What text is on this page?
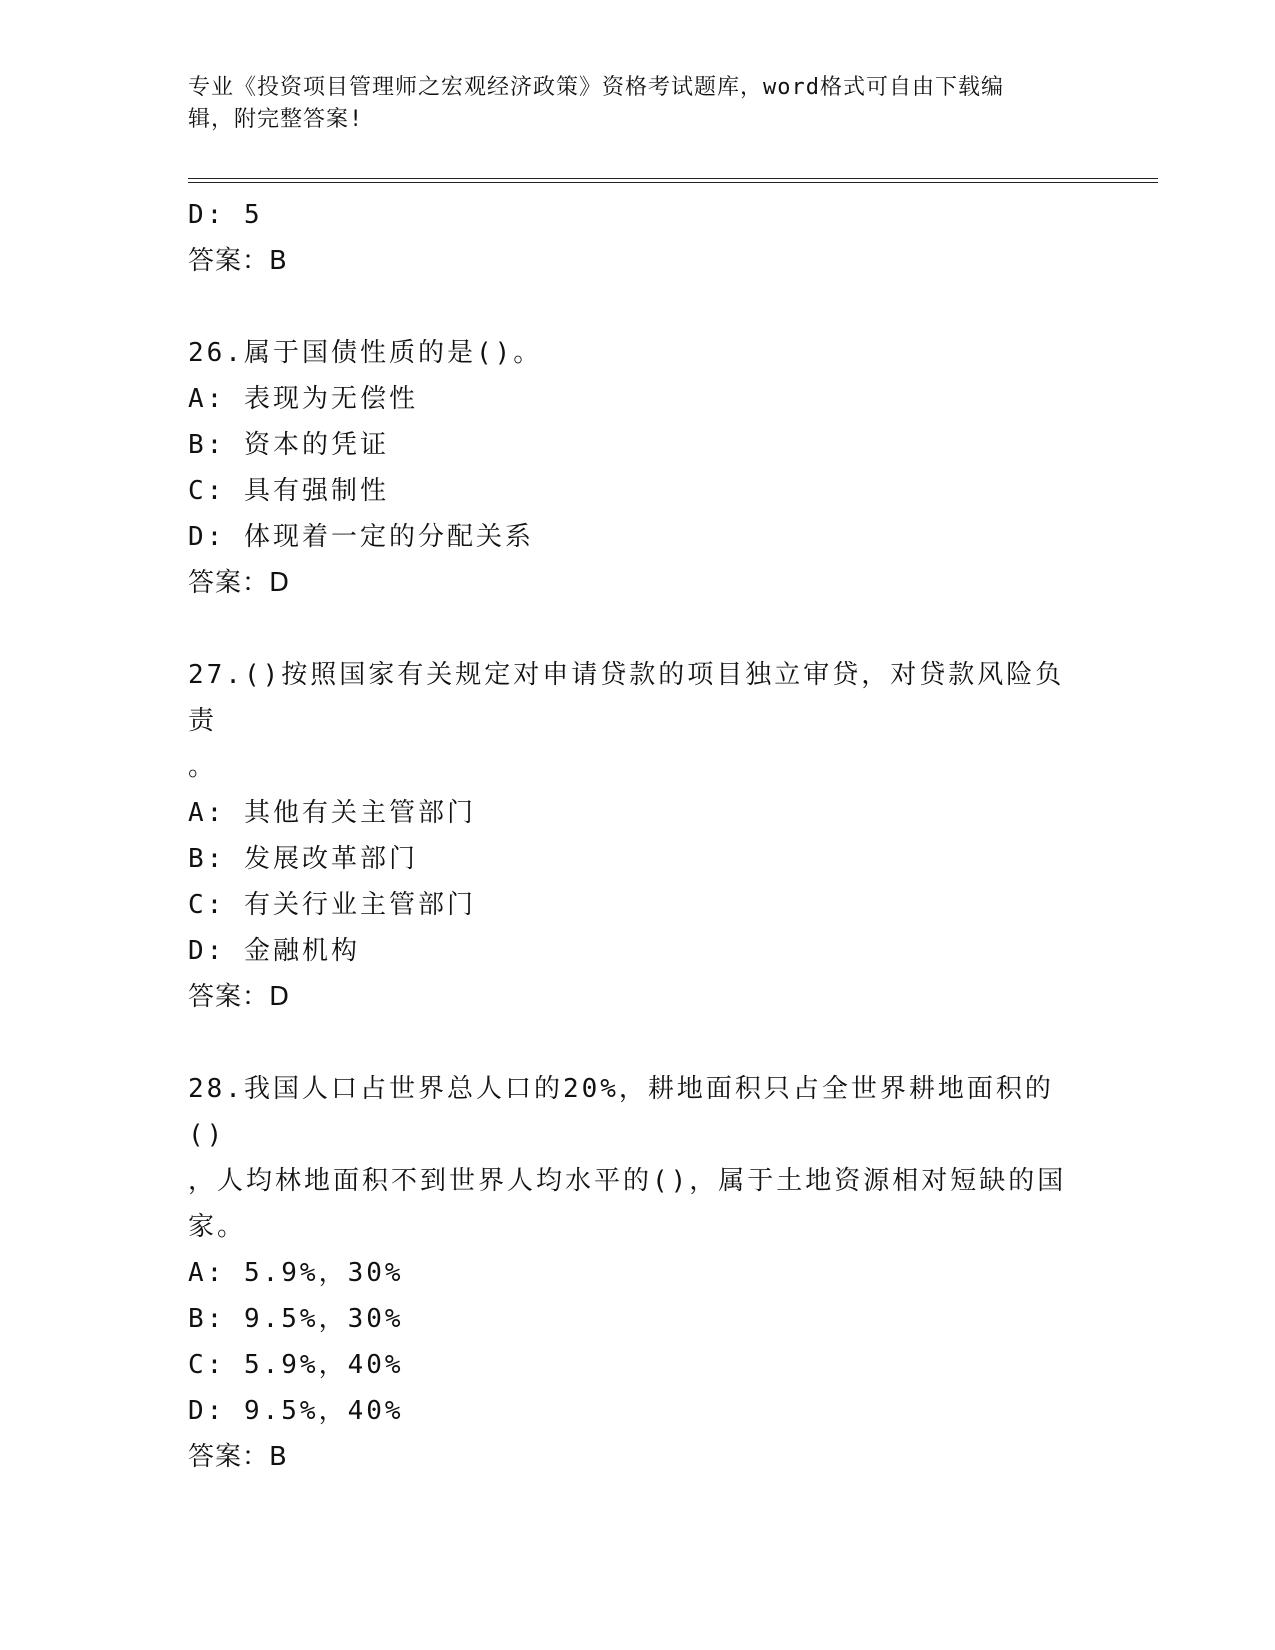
专业《投资项目管理师之宏观经济政策》资格考试题库，word格式可自由下载编
辑，附完整答案!
D: 5
答案：B
26.属于国债性质的是()。
A: 表现为无偿性
B: 资本的凭证
C: 具有强制性
D: 体现着一定的分配关系
答案：D
27.()按照国家有关规定对申请贷款的项目独立审贷，对贷款风险负责
。
A: 其他有关主管部门
B: 发展改革部门
C: 有关行业主管部门
D: 金融机构
答案：D
28.我国人口占世界总人口的20%，耕地面积只占全世界耕地面积的()
，人均林地面积不到世界人均水平的()，属于土地资源相对短缺的国
家。
A: 5.9%，30%
B: 9.5%，30%
C: 5.9%，40%
D: 9.5%，40%
答案：B
